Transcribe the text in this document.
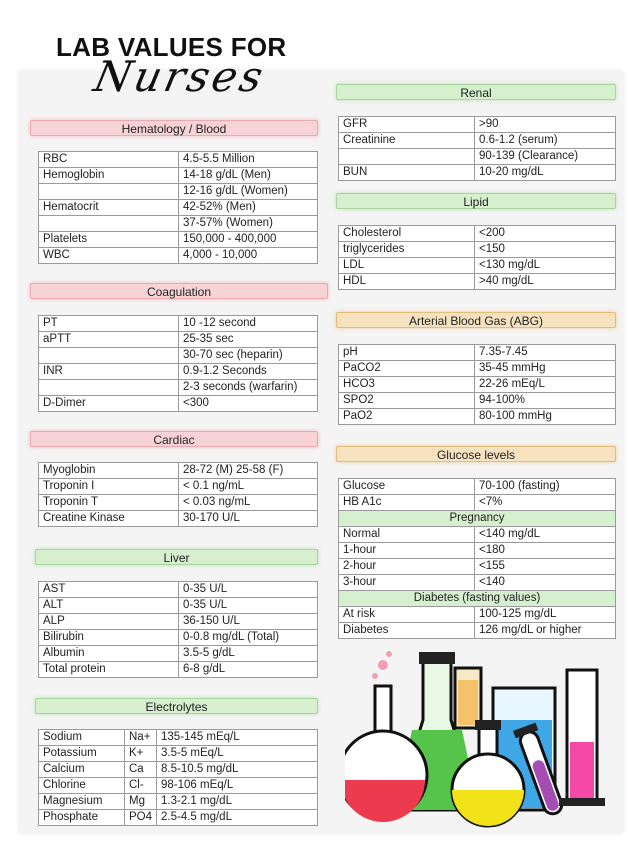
LAB VALUES FOR
Nurses
Hematology / Blood
RBC	4.5-5.5 Million
Hemoglobin	14-18 g/dL (Men)
	12-16 g/dL (Women)
Hematocrit	42-52% (Men)
	37-57% (Women)
Platelets	150,000 - 400,000
WBC	4,000 - 10,000
Coagulation
PT	10 -12 second
aPTT	25-35 sec
	30-70 sec (heparin)
INR	0.9-1.2 Seconds
	2-3 seconds (warfarin)
D-Dimer	<300
Cardiac
Myoglobin	28-72 (M) 25-58 (F)
Troponin I	< 0.1 ng/mL
Troponin T	< 0.03 ng/mL
Creatine Kinase	30-170 U/L
Liver
AST	0-35 U/L
ALT	0-35 U/L
ALP	36-150 U/L
Bilirubin	0-0.8 mg/dL (Total)
Albumin	3.5-5 g/dL
Total protein	6-8 g/dL
Electrolytes
Sodium	Na+	135-145 mEq/L
Potassium	K+	3.5-5 mEq/L
Calcium	Ca	8.5-10.5 mg/dL
Chlorine	Cl-	98-106 mEq/L
Magnesium	Mg	1.3-2.1 mg/dL
Phosphate	PO4	2.5-4.5 mg/dL
Renal
GFR	>90
Creatinine	0.6-1.2 (serum)
	90-139 (Clearance)
BUN	10-20 mg/dL
Lipid
Cholesterol	<200
triglycerides	<150
LDL	<130 mg/dL
HDL	>40 mg/dL
Arterial Blood Gas (ABG)
pH	7.35-7.45
PaCO2	35-45 mmHg
HCO3	22-26 mEq/L
SPO2	94-100%
PaO2	80-100 mmHg
Glucose levels
Glucose	70-100 (fasting)
HB A1c	<7%
Pregnancy	
Normal	<140 mg/dL
1-hour	<180
2-hour	<155
3-hour	<140
Diabetes (fasting values)	
At risk	100-125 mg/dL
Diabetes	126 mg/dL or higher
